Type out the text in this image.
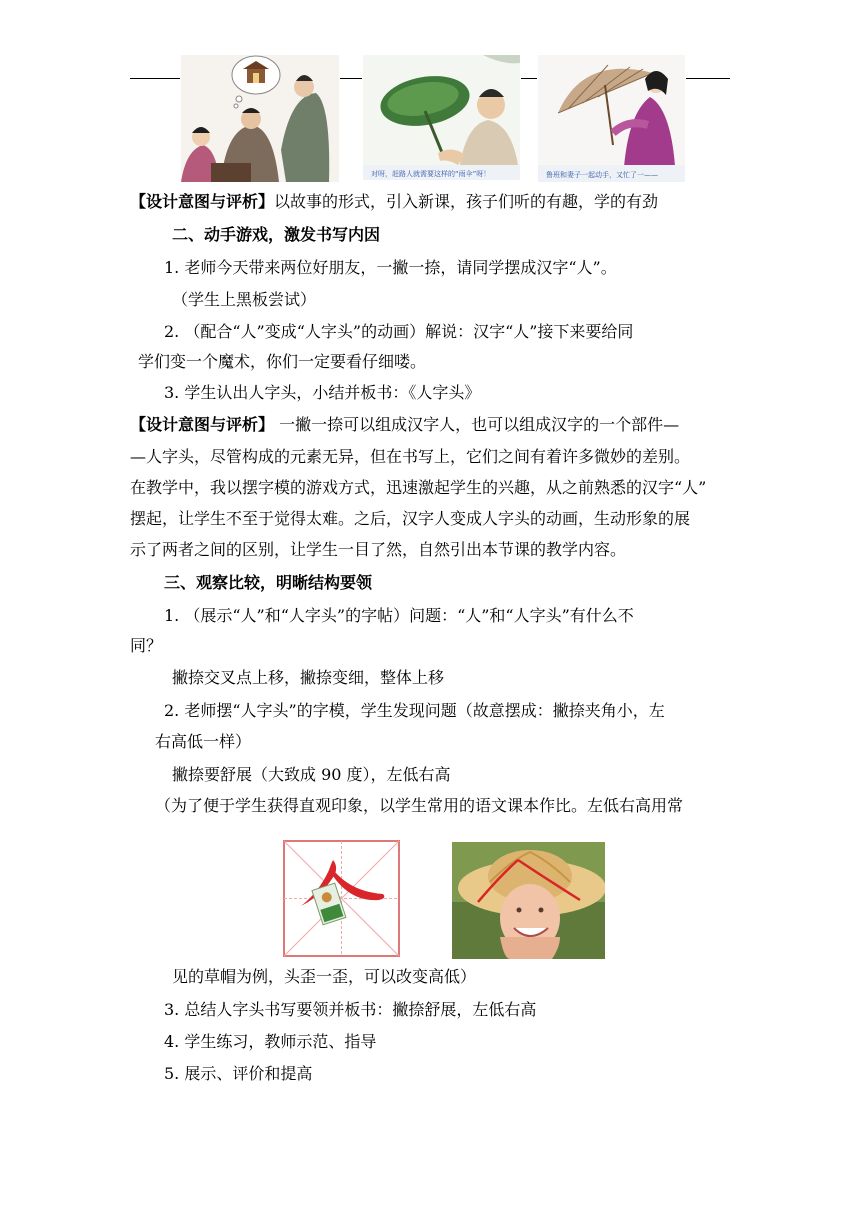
对呀，赶路人就需要这样的“雨伞”呀！	鲁班和妻子一起动手，又忙了一——
【设计意图与评析】以故事的形式，引入新课，孩子们听的有趣，学的有劲
二、动手游戏，激发书写内因
1. 老师今天带来两位好朋友，一撇一捺，请同学摆成汉字“人”。
（学生上黑板尝试）
2. （配合“人”变成“人字头”的动画）解说：汉字“人”接下来要给同
学们变一个魔术，你们一定要看仔细喽。
3. 学生认出人字头，小结并板书：《人字头》
【设计意图与评析】 一撇一捺可以组成汉字人，也可以组成汉字的一个部件—
—人字头，尽管构成的元素无异，但在书写上，它们之间有着许多微妙的差别。
在教学中，我以摆字模的游戏方式，迅速激起学生的兴趣，从之前熟悉的汉字“人”
摆起，让学生不至于觉得太难。之后，汉字人变成人字头的动画，生动形象的展
示了两者之间的区别，让学生一目了然，自然引出本节课的教学内容。
三、观察比较，明晰结构要领
1. （展示“人”和“人字头”的字帖）问题：“人”和“人字头”有什么不
同？
撇捺交叉点上移，撇捺变细，整体上移
2. 老师摆“人字头”的字模，学生发现问题（故意摆成：撇捺夹角小，左
右高低一样）
撇捺要舒展（大致成 90 度），左低右高
（为了便于学生获得直观印象，以学生常用的语文课本作比。左低右高用常
见的草帽为例，头歪一歪，可以改变高低）
3. 总结人字头书写要领并板书：撇捺舒展，左低右高
4. 学生练习，教师示范、指导
5. 展示、评价和提高
